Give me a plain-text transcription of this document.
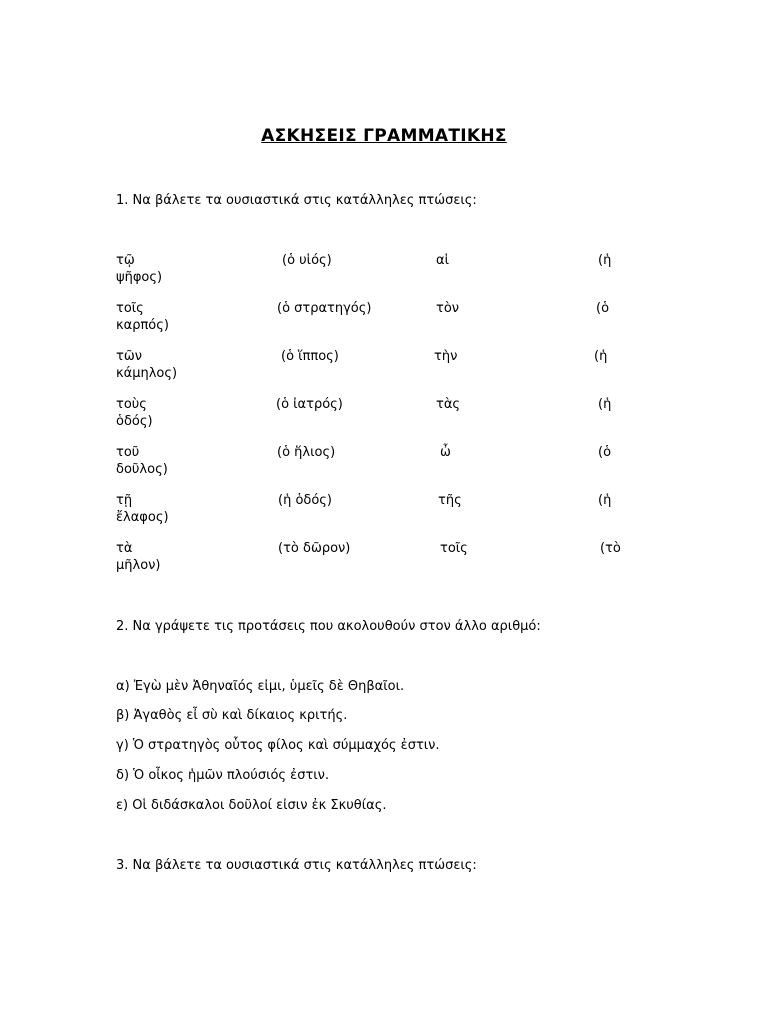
ΑΣΚΗΣΕΙΣ ΓΡΑΜΜΑΤΙΚΗΣ
1. Να βάλετε τα ουσιαστικά στις κατάλληλες πτώσεις:
τῷ	(ὁ υἱός)	αἱ	(ἡ
ψῆφος)
τοῖς	(ὁ στρατηγός)	τὸν	(ὁ
καρπός)
τῶν	(ὁ ἵππος)	τὴν	(ἡ
κάμηλος)
τοὺς	(ὁ ἰατρός)	τὰς	(ἡ
ὁδός)
τοῦ	(ὁ ἥλιος)	ὦ	(ὁ
δοῦλος)
τῇ	(ἡ ὁδός)	τῆς	(ἡ
ἔλαφος)
τὰ	(τὸ δῶρον)	τοῖς	(τὸ
μῆλον)
2. Να γράψετε τις προτάσεις που ακολουθούν στον άλλο αριθμό:
α) Ἐγὼ μὲν Ἀθηναῖός εἰμι, ὑμεῖς δὲ Θηβαῖοι.
β) Ἀγαθὸς εἶ σὺ καὶ δίκαιος κριτής.
γ) Ὁ στρατηγὸς οὗτος φίλος καὶ σύμμαχός ἐστιν.
δ) Ὁ οἶκος ἡμῶν πλούσιός ἐστιν.
ε) Οἱ διδάσκαλοι δοῦλοί εἰσιν ἐκ Σκυθίας.
3. Να βάλετε τα ουσιαστικά στις κατάλληλες πτώσεις:
